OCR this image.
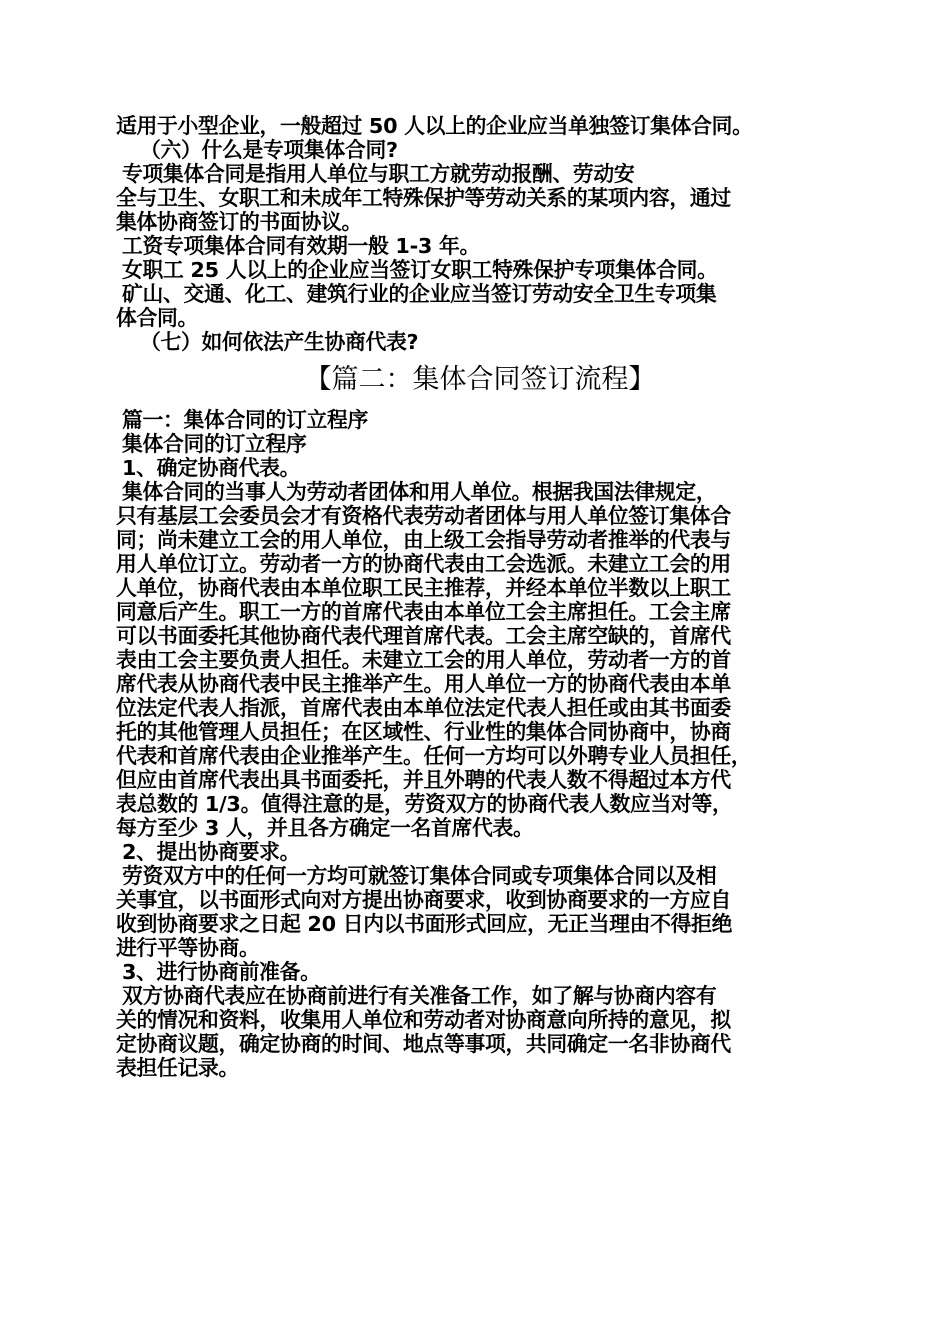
适用于小型企业，一般超过 50 人以上的企业应当单独签订集体合同。
（六）什么是专项集体合同?
专项集体合同是指用人单位与职工方就劳动报酬、劳动安
全与卫生、女职工和未成年工特殊保护等劳动关系的某项内容，通过
集体协商签订的书面协议。
工资专项集体合同有效期一般 1-3 年。
女职工 25 人以上的企业应当签订女职工特殊保护专项集体合同。
矿山、交通、化工、建筑行业的企业应当签订劳动安全卫生专项集
体合同。
（七）如何依法产生协商代表?
【篇二：集体合同签订流程】
篇一：集体合同的订立程序
集体合同的订立程序
1、确定协商代表。
集体合同的当事人为劳动者团体和用人单位。根据我国法律规定，
只有基层工会委员会才有资格代表劳动者团体与用人单位签订集体合
同；尚未建立工会的用人单位，由上级工会指导劳动者推举的代表与
用人单位订立。劳动者一方的协商代表由工会选派。未建立工会的用
人单位，协商代表由本单位职工民主推荐，并经本单位半数以上职工
同意后产生。职工一方的首席代表由本单位工会主席担任。工会主席
可以书面委托其他协商代表代理首席代表。工会主席空缺的，首席代
表由工会主要负责人担任。未建立工会的用人单位，劳动者一方的首
席代表从协商代表中民主推举产生。用人单位一方的协商代表由本单
位法定代表人指派，首席代表由本单位法定代表人担任或由其书面委
托的其他管理人员担任；在区域性、行业性的集体合同协商中，协商
代表和首席代表由企业推举产生。任何一方均可以外聘专业人员担任，
但应由首席代表出具书面委托，并且外聘的代表人数不得超过本方代
表总数的 1/3。值得注意的是，劳资双方的协商代表人数应当对等，
每方至少 3 人，并且各方确定一名首席代表。
2、提出协商要求。
劳资双方中的任何一方均可就签订集体合同或专项集体合同以及相
关事宜，以书面形式向对方提出协商要求，收到协商要求的一方应自
收到协商要求之日起 20 日内以书面形式回应，无正当理由不得拒绝
进行平等协商。
3、进行协商前准备。
双方协商代表应在协商前进行有关准备工作，如了解与协商内容有
关的情况和资料，收集用人单位和劳动者对协商意向所持的意见，拟
定协商议题，确定协商的时间、地点等事项，共同确定一名非协商代
表担任记录。
